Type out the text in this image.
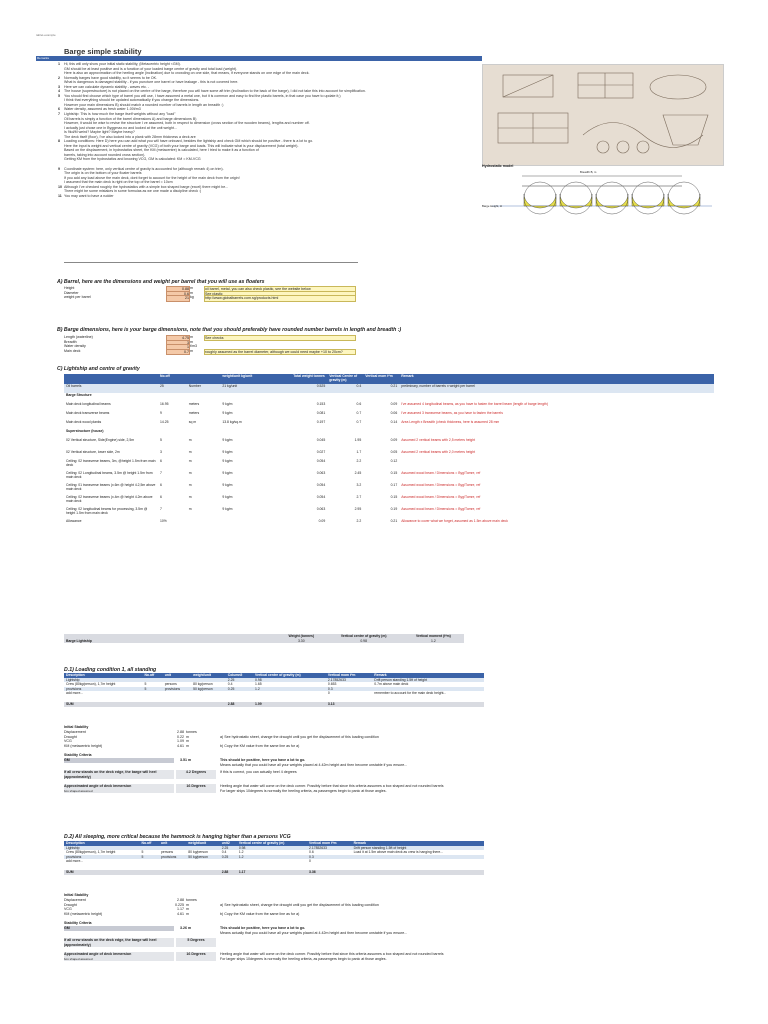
tablet-example
Barge simple stability
Remarks
1 Hi, this will only show your initial static stability, (Metacentric height <GM).
GM should be at least positive and is a function of your loaded barge centre of gravity and total load (weight).
Here is also an approximation of the heeling angle (inclination) due to crowding on one side, that means, if everyone stands on one edge of the main deck.
2 Normally barges have good stability, so it seems to be OK.
What is dangerous is damaged stability - if you puncture one barrel or have leakage - this is not covered here.
3 Here we can calculate dynamic stability - waves etc. -
4 The house (superstructure) is not placed on the centre of the barge, therefore you will have some aft trim (inclination to the back of the barge), I did not take this into account for simplification.
5 You should first choose which type of barrel you will use, I have assumed a metal one, but it is common and easy to find the plastic barrels, in that case you have to update it;)
I think that everything should be updated automatically if you change the dimensions.
However your main dimensions B) should match a rounded number of barrels in length an breadth :)
6 Water density, assumed as fresh water 1.00t/m3
7 Lightship: This is how much the barge itself weights without any "load"
Oil barrels is simply a function of the barrel dimensions A) and barge dimensions B)
However, it would be wise to revise the structure I ve assumed, both in respect to dimension (cross section of the wooden beams), lengths and number off.
I actually just chose one in Byggmax.no and looked at the unit weight...
Is 9kd/M weird? Maybe light? Maybe heavy?
The deck itself (floor), I've also looked into a plank with 28mm thickness a deck are
8 Loading conditions: Here D) here you can add what you will have onboard, besides the lightship and check GM which should be positive - there is a lot to go.
Here the input is weight and vertical centre of gravity (VCG) of both your barge and loads. This will indicate what is your displacement (total weight).
Based on the displacement, in hydrostatics sheet, the KM (metacentre) is calculated, here I tried to make it as a function of
barrels, taking into account rounded cross section).
Getting KM from the hydrostatics and knowing VCG, GM is calculated: KM = KM-VCG
9 Coordinate system: here, only vertical centre of gravity is accounted for (although remark 4) on trim).
The origin is on the bottom of your floater barrels
If you add any load above the main deck, dont forget to account for the height of the main deck from the origin!
I assumed that the main deck is right on the top of the barrel = 10cm
10 Although I've checked roughly the hydrostatics with a simple box shaped barge (excel) there might be...
There might be some mistakes in some formulas as we one made a discipline check :)
11 You may want to have a rudder
Hydrostatic model
Breadth B, m
Barge Height, H
A) Barrel, here are the dimensions and weight per barrel that you will use as floaters
Height	0.88 m	oil barrel, metal, you can also check plastic, see the website below
Diameter	0.6 m	See plastic
weight per barrel	21 kg	http://www.globalbarrels.com.sg/products.html
B) Barge dimensions, here is your barge dimensions, note that you should preferably have rounded number barrels in length and breadth :)
Length (waterline)	4.75 m	See checks
Breadth	3 m
Water density	1 t/m3
Main deck	0.7 m	roughly assumed as the barrel diameter, although we could need maybe +10 to 20cm?
C) Lightship and centre of gravity
	No.off		weight/unit kg/unit	Total weight tonnes	Vertical Centre of gravity (m)	Vertical mom t*m	Remark
Oil barrels	25	Number	21 kg/unit	0.525	0.4	0.21	preliminary, number of barrels x weight per barrel
Barge Structure							
Main deck longitudinal beams	16.95	meters	9 kg/m	0.153	0.6	0.09	I've assumed 4 longitudinal beams, as you have to fasten the barrel beam (length of barge length)
Main deck transverse beams	9	meters	9 kg/m	0.081	0.7	0.06	I've assumed 3 transverse beams, as you have to fasten the barrels
Main deck wood planks	14.25	sq m	13.8 kg/sq.m	0.197	0.7	0.14	Area Length x Breadth (check thickness, here is assumed 28 mm
Superstructure (house)							
02 Vertical structure, Side(Engine) side, 2,5m	5	m	9 kg/m	0.045	1.95	0.09	Assumed 2 vertical beams with 2,5 meters height
02 Vertical structure, lower side, 2m	3	m	9 kg/m	0.027	1.7	0.05	Assumed 2 vertical beams with 2,0 meters height
Ceiling: 02 transverse beams, 3m, @height 1.5m from main deck	6	m	9 kg/m	0.054	2.2	0.12	
Ceiling: 02 Longitudinal beams, 3.5m @ height 1.5m from main deck	7	m	9 kg/m	0.063	2.45	0.15	Assumed wood beam / Dimensions = Byg/Tomre, ref
Ceiling: 01 transverse beams (x.6m @ height 4.2,5m above main deck	6	m	9 kg/m	0.054	3.2	0.17	Assumed wood beam / Dimensions = Byg/Tomre, ref
Ceiling: 02 transverse beams (x.4m @ height 4.2m above main deck	6	m	9 kg/m	0.054	2.7	0.15	Assumed wood beam / Dimensions = Byg/Tomre, ref
Ceiling: 02 longitudinal beams for processing, 3.5m @ height 1.5m from main deck	7	m	9 kg/m	0.063	2.95	0.19	Assumed wood beam / Dimensions = Byg/Tomre, ref
Allowance	10%			0.09	2.2	0.21	Allowance to cover what we forget, assumed as 1.5m above main deck
	Weight (tonnes)	Vertical centre of gravity (m)	Vertical moment (t*m)
Barge Lightship	3.30	0.98	1.2
D.1) Loading condition 1, all standing
Description	No.off	unit	weight/unit	Column5	Vertical centre of gravity (m)	Vertical mom t*m	Remark
Lightship				2.25	0.98	2.17852633	Drift person standing 1.5ft of height
Crew (80kg/person), 1,7m height	5	persons	80 kg/person	0.4	1.65	0.653	0.7m above main deck
provisions	5	provisions	50 kg/person	0.25	1.2	0.3	
add more...						0	remember to account for the main deck height...

SUM				2.88	1.09	3.13	
Initial Stability
Displacement	2.88 tonnes
Draught	0.22 m	a) See hydrostatic sheet, change the draught until you get the displacement of this loading condition
VCG	1.09 m
KM (metacentric height)	4.61 m	b) Copy the KM value from the same line as for a)
Stability Criteria
GM	3.51 m	This should be positive, here you have a lot to go.
Means actually that you could have all your weights placed at 4.42m height and then become unstable if you ensure...
If all crew stands on the deck edge, the barge will heel (approximately)
4.2 Degrees	If this is correct, you can actually heel 4 degrees
Approximated angle of deck immersion
box shaped assumed
16 Degrees	Heeling angle that water will come on the deck corner. Possibly before that since this criteria assumes a box shaped and not rounded barrels
For larger ships 10degrees is normally the heeling criteria, as passengers begin to panic at those angles.
D.2) All sleeping, more critical because the hammock is hanging higher than a persons VCG
Description	No.off	unit	weight/unit	unit2	Vertical centre of gravity (m)	Vertical mom t*m	Remark
Lightship				2.25	0.98	2.17852633	Drift person standing 1.5ft of height
Crew (80kg/person), 1,7m height	5	persons	80 kg/person	0.4	1.2	0.6	Load it at 1.5m above main deck as crew is hanging there...
provisions	5	provisions	50 kg/person	0.25	1.2	0.3	
add more...						0	

SUM				2.88	1.17	3.36	
Initial Stability
Displacement	2.88 tonnes
Draught	0.225 m	a) See hydrostatic sheet, change the draught until you get the displacement of this loading condition
VCG	1.17 m
KM (metacentric height)	4.61 m	b) Copy the KM value from the same line as for a)
Stability Criteria
GM	3.26 m	This should be positive, here you have a lot to go.
Means actually that you could have all your weights placed at 4.42m height and then become unstable if you ensure...
If all crew stands on the deck edge, the barge will heel (approximately)
5 Degrees
Approximated angle of deck immersion
box shaped assumed
16 Degrees	Heeling angle that water will come on the deck corner. Possibly before that since this criteria assumes a box shaped and not rounded barrels
For larger ships 10degrees is normally the heeling criteria, as passengers begin to panic at those angles.
